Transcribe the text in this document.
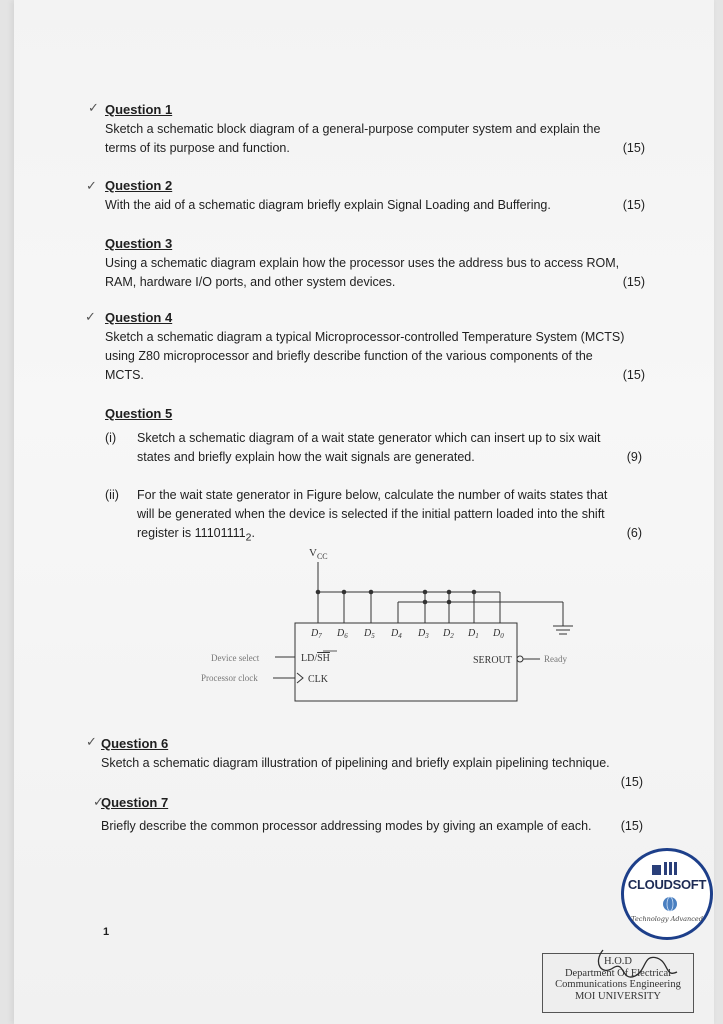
✓
✓
✓
✓
✓
Question 1
Sketch a schematic block diagram of a general-purpose computer system and explain the
terms of its purpose and function.	(15)
Question 2
With the aid of a schematic diagram briefly explain Signal Loading and Buffering.	(15)
Question 3
Using a schematic diagram explain how the processor uses the address bus to access ROM,
RAM, hardware I/O ports, and other system devices.	(15)
Question 4
Sketch a schematic diagram a typical Microprocessor-controlled Temperature System (MCTS)
using Z80 microprocessor and briefly describe function of the various components of the
MCTS.	(15)
Question 5
(i) Sketch a schematic diagram of a wait state generator which can insert up to six wait
states and briefly explain how the wait signals are generated.	(9)
(ii) For the wait state generator in Figure below, calculate the number of waits states that
will be generated when the device is selected if the initial pattern loaded into the shift
register is $11101111_2$.	(6)
$V_{CC}$
$D_7$ $D_6$ $D_5$ $D_4$ $D_3$ $D_2$ $D_1$ $D_0$
LD/SH
CLK
SEROUT
Device select
Processor clock
Ready
Question 6
Sketch a schematic diagram illustration of pipelining and briefly explain pipelining technique.
(15)
Question 7
Briefly describe the common processor addressing modes by giving an example of each. (15)
1
CLOUDSOFT
Technology Advanced
H.O.D
Department Of Electrical
Communications Engineering
MOI UNIVERSITY
